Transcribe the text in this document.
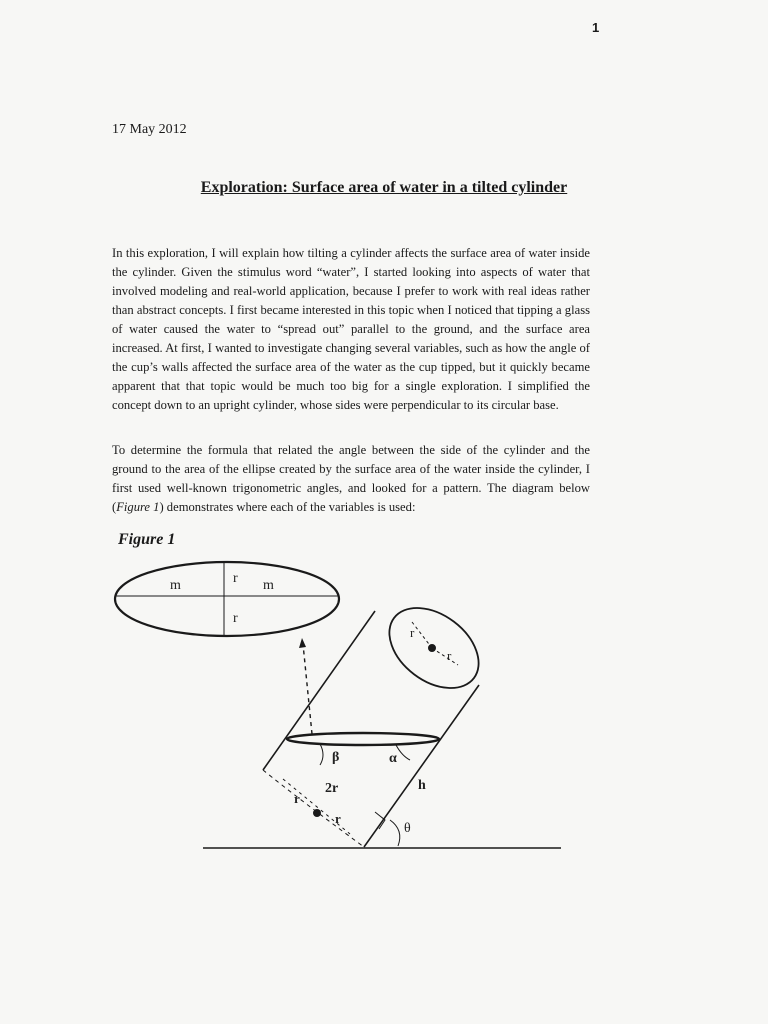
1
17 May 2012
Exploration: Surface area of water in a tilted cylinder
In this exploration, I will explain how tilting a cylinder affects the surface area of water inside the cylinder. Given the stimulus word “water”, I started looking into aspects of water that involved modeling and real-world application, because I prefer to work with real ideas rather than abstract concepts. I first became interested in this topic when I noticed that tipping a glass of water caused the water to “spread out” parallel to the ground, and the surface area increased. At first, I wanted to investigate changing several variables, such as how the angle of the cup’s walls affected the surface area of the water as the cup tipped, but it quickly became apparent that that topic would be much too big for a single exploration. I simplified the concept down to an upright cylinder, whose sides were perpendicular to its circular base.
To determine the formula that related the angle between the side of the cylinder and the ground to the area of the ellipse created by the surface area of the water inside the cylinder, I first used well-known trigonometric angles, and looked for a pattern. The diagram below (Figure 1) demonstrates where each of the variables is used:
Figure 1
m	r m
r
r
r
β	α
h
2r
r
r
θ
